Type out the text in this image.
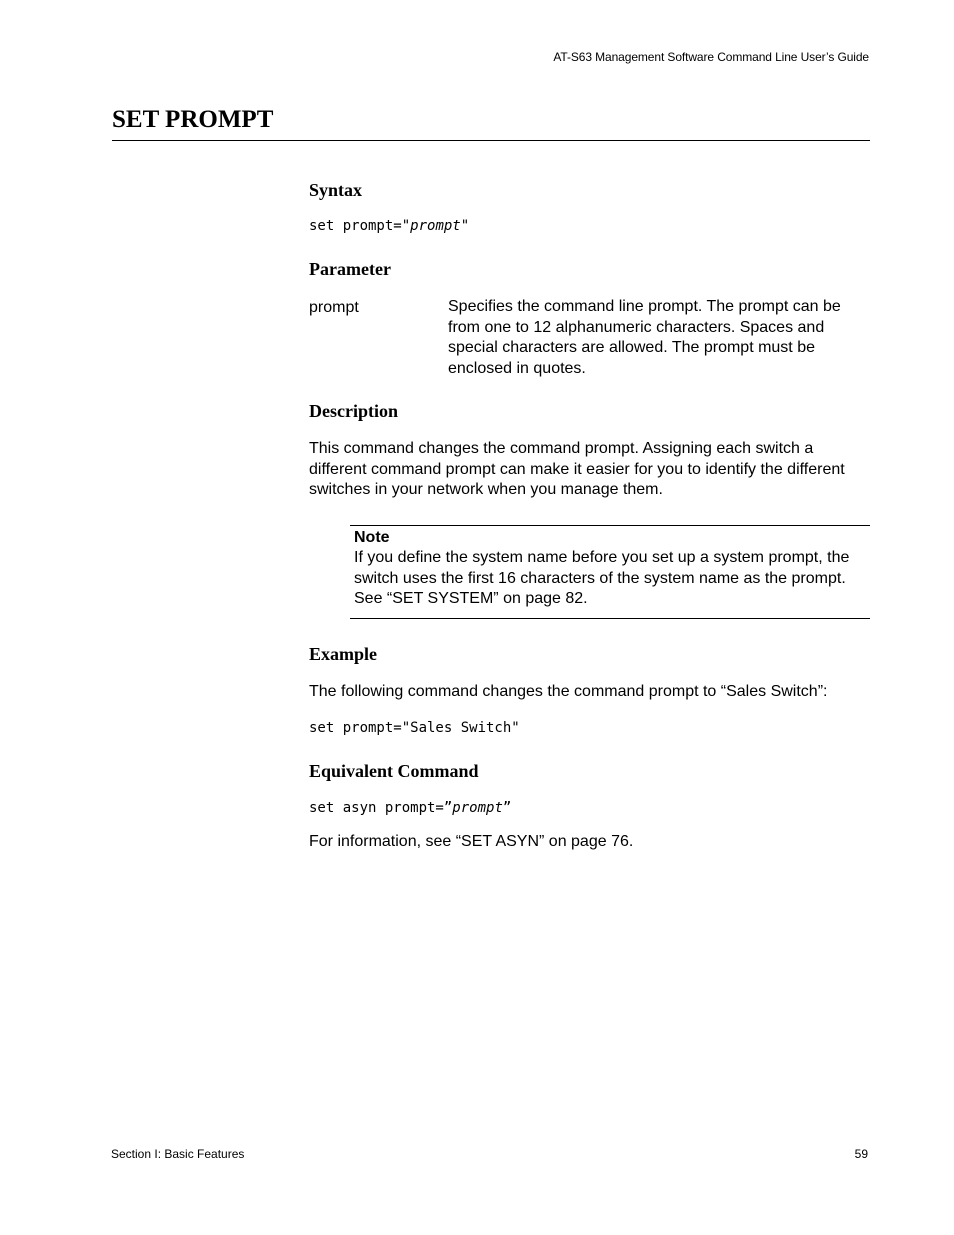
AT-S63 Management Software Command Line User’s Guide
SET PROMPT
Syntax
set prompt="prompt"
Parameter
prompt	Specifies the command line prompt. The prompt can be from one to 12 alphanumeric characters. Spaces and special characters are allowed. The prompt must be enclosed in quotes.
Description
This command changes the command prompt. Assigning each switch a different command prompt can make it easier for you to identify the different switches in your network when you manage them.
Note
If you define the system name before you set up a system prompt, the switch uses the first 16 characters of the system name as the prompt. See “SET SYSTEM” on page 82.
Example
The following command changes the command prompt to “Sales Switch”:
set prompt="Sales Switch"
Equivalent Command
set asyn prompt=”prompt”
For information, see “SET ASYN” on page 76.
Section I: Basic Features	59
